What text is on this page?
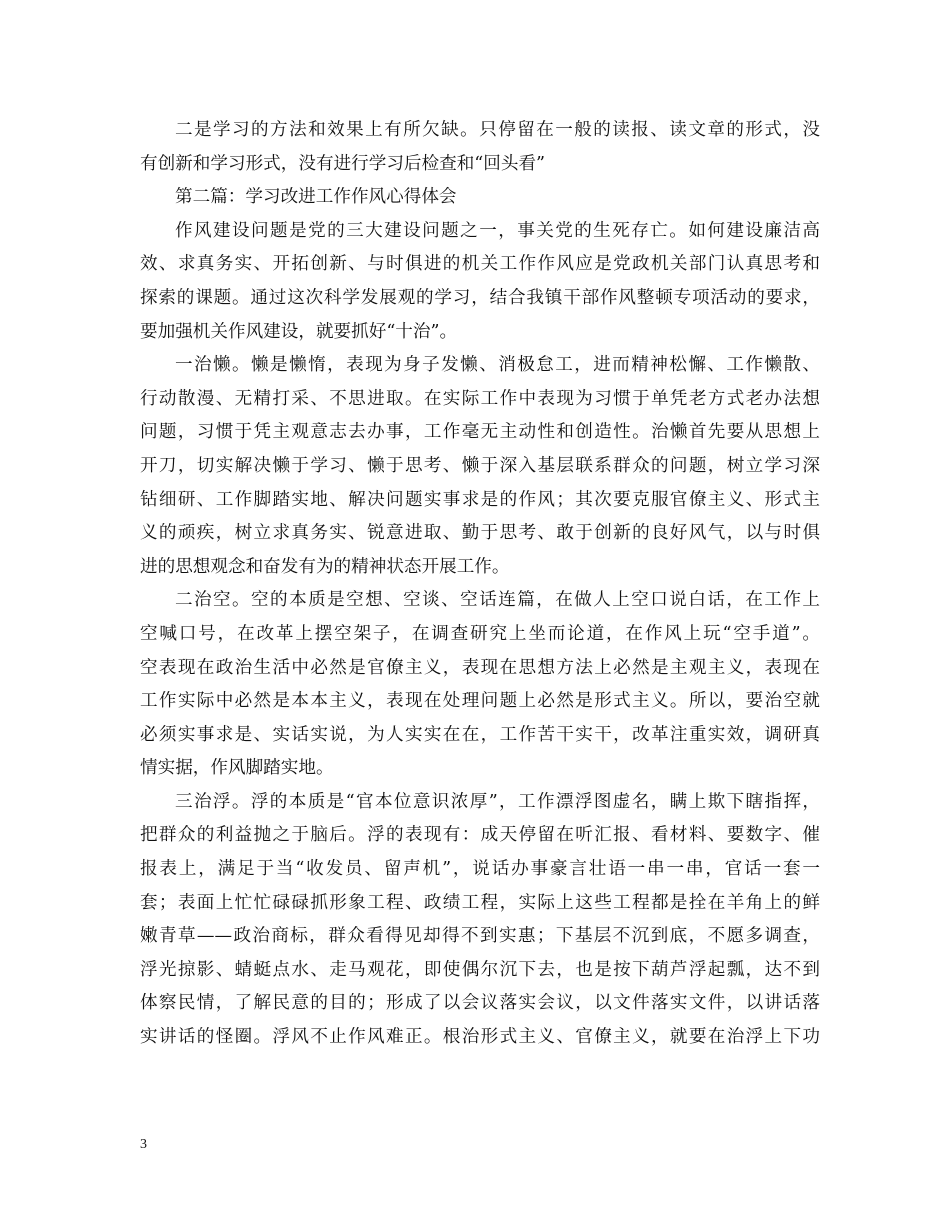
二是学习的方法和效果上有所欠缺。只停留在一般的读报、读文章的形式，没
有创新和学习形式，没有进行学习后检查和“回头看”
第二篇：学习改进工作作风心得体会
作风建设问题是党的三大建设问题之一，事关党的生死存亡。如何建设廉洁高
效、求真务实、开拓创新、与时俱进的机关工作作风应是党政机关部门认真思考和
探索的课题。通过这次科学发展观的学习，结合我镇干部作风整顿专项活动的要求，
要加强机关作风建设，就要抓好“十治”。
一治懒。懒是懒惰，表现为身子发懒、消极怠工，进而精神松懈、工作懒散、
行动散漫、无精打采、不思进取。在实际工作中表现为习惯于单凭老方式老办法想
问题，习惯于凭主观意志去办事，工作毫无主动性和创造性。治懒首先要从思想上
开刀，切实解决懒于学习、懒于思考、懒于深入基层联系群众的问题，树立学习深
钻细研、工作脚踏实地、解决问题实事求是的作风；其次要克服官僚主义、形式主
义的顽疾，树立求真务实、锐意进取、勤于思考、敢于创新的良好风气，以与时俱
进的思想观念和奋发有为的精神状态开展工作。
二治空。空的本质是空想、空谈、空话连篇，在做人上空口说白话，在工作上
空喊口号，在改革上摆空架子，在调查研究上坐而论道，在作风上玩“空手道”。
空表现在政治生活中必然是官僚主义，表现在思想方法上必然是主观主义，表现在
工作实际中必然是本本主义，表现在处理问题上必然是形式主义。所以，要治空就
必须实事求是、实话实说，为人实实在在，工作苦干实干，改革注重实效，调研真
情实据，作风脚踏实地。
三治浮。浮的本质是“官本位意识浓厚”，工作漂浮图虚名，瞒上欺下瞎指挥，
把群众的利益抛之于脑后。浮的表现有：成天停留在听汇报、看材料、要数字、催
报表上，满足于当“收发员、留声机”，说话办事豪言壮语一串一串，官话一套一
套；表面上忙忙碌碌抓形象工程、政绩工程，实际上这些工程都是拴在羊角上的鲜
嫩青草——政治商标，群众看得见却得不到实惠；下基层不沉到底，不愿多调查，
浮光掠影、蜻蜓点水、走马观花，即使偶尔沉下去，也是按下葫芦浮起瓢，达不到
体察民情，了解民意的目的；形成了以会议落实会议，以文件落实文件，以讲话落
实讲话的怪圈。浮风不止作风难正。根治形式主义、官僚主义，就要在治浮上下功
3
